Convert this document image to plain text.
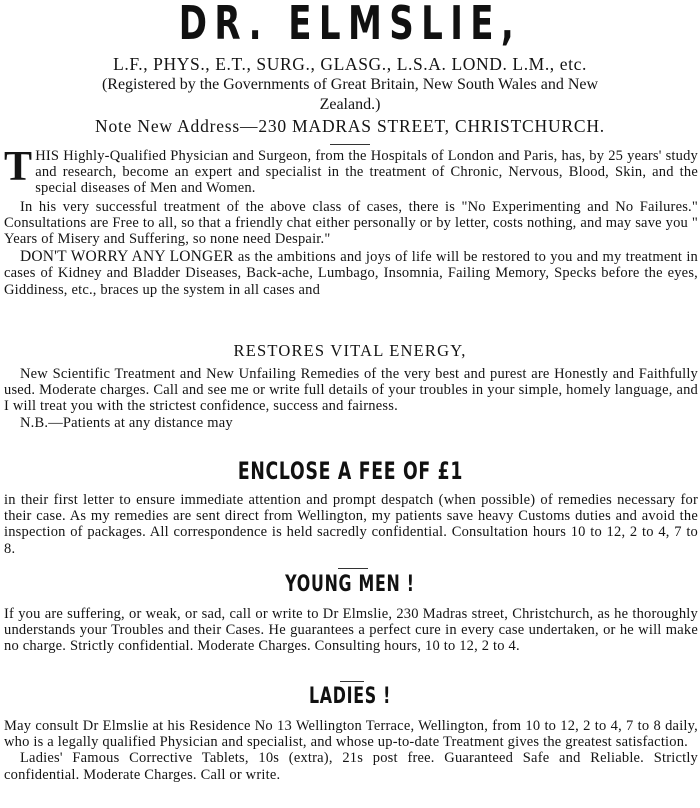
DR. ELMSLIE,
L.F., PHYS., E.T., SURG., GLASG., L.S.A. LOND. L.M., etc.
(Registered by the Governments of Great Britain, New South Wales and New
Zealand.)
Note New Address—230 MADRAS STREET, CHRISTCHURCH.

THIS Highly-Qualified Physician and Surgeon, from the Hospitals of London and Paris, has, by 25 years' study and research, become an expert and specialist in the treatment of Chronic, Nervous, Blood, Skin, and the special diseases of Men and Women.

In his very successful treatment of the above class of cases, there is "No Experimenting and No Failures." Consultations are Free to all, so that a friendly chat either personally or by letter, costs nothing, and may save you " Years of Misery and Suffering, so none need Despair."

DON'T WORRY ANY LONGER as the ambitions and joys of life will be restored to you and my treatment in cases of Kidney and Bladder Diseases, Back-ache, Lumbago, Insomnia, Failing Memory, Specks before the eyes, Giddiness, etc., braces up the system in all cases and

RESTORES VITAL ENERGY,

New Scientific Treatment and New Unfailing Remedies of the very best and purest are Honestly and Faithfully used. Moderate charges. Call and see me or write full details of your troubles in your simple, homely language, and I will treat you with the strictest confidence, success and fairness.

N.B.—Patients at any distance may

ENCLOSE A FEE OF £1

in their first letter to ensure immediate attention and prompt despatch (when possible) of remedies necessary for their case. As my remedies are sent direct from Wellington, my patients save heavy Customs duties and avoid the inspection of packages. All correspondence is held sacredly confidential. Consultation hours 10 to 12, 2 to 4, 7 to 8.

YOUNG MEN !

If you are suffering, or weak, or sad, call or write to Dr Elmslie, 230 Madras street, Christchurch, as he thoroughly understands your Troubles and their Cases. He guarantees a perfect cure in every case undertaken, or he will make no charge. Strictly confidential. Moderate Charges. Consulting hours, 10 to 12, 2 to 4.

LADIES !

May consult Dr Elmslie at his Residence No 13 Wellington Terrace, Wellington, from 10 to 12, 2 to 4, 7 to 8 daily, who is a legally qualified Physician and specialist, and whose up-to-date Treatment gives the greatest satisfaction.

Ladies' Famous Corrective Tablets, 10s (extra), 21s post free. Guaranteed Safe and Reliable. Strictly confidential. Moderate Charges. Call or write.
